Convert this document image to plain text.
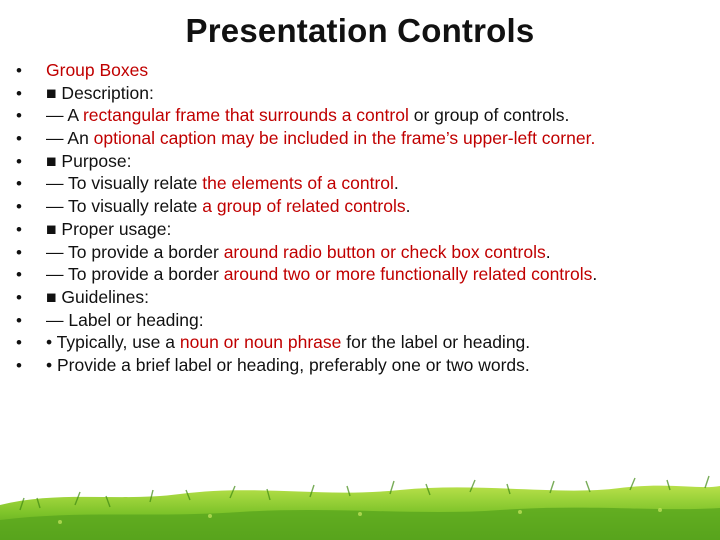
Presentation Controls
• Group Boxes
• ■ Description:
• — A rectangular frame that surrounds a control or group of controls.
• — An optional caption may be included in the frame’s upper-left corner.
• ■ Purpose:
• — To visually relate the elements of a control.
• — To visually relate a group of related controls.
• ■ Proper usage:
• — To provide a border around radio button or check box controls.
• — To provide a border around two or more functionally related controls.
• ■ Guidelines:
• — Label or heading:
• • Typically, use a noun or noun phrase for the label or heading.
• • Provide a brief label or heading, preferably one or two words.
